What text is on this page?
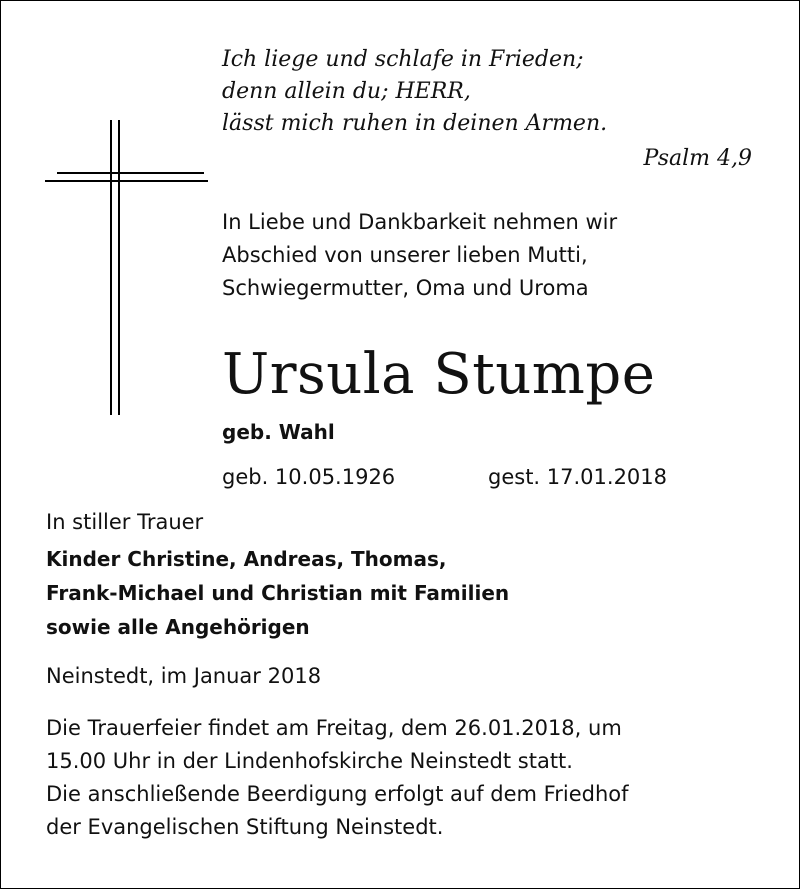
Ich liege und schlafe in Frieden;
denn allein du; HERR,
lässt mich ruhen in deinen Armen.
Psalm 4,9
In Liebe und Dankbarkeit nehmen wir
Abschied von unserer lieben Mutti,
Schwiegermutter, Oma und Uroma
Ursula Stumpe
geb. Wahl
geb. 10.05.1926	gest. 17.01.2018
In stiller Trauer
Kinder Christine, Andreas, Thomas,
Frank-Michael und Christian mit Familien
sowie alle Angehörigen
Neinstedt, im Januar 2018
Die Trauerfeier findet am Freitag, dem 26.01.2018, um
15.00 Uhr in der Lindenhofskirche Neinstedt statt.
Die anschließende Beerdigung erfolgt auf dem Friedhof
der Evangelischen Stiftung Neinstedt.
